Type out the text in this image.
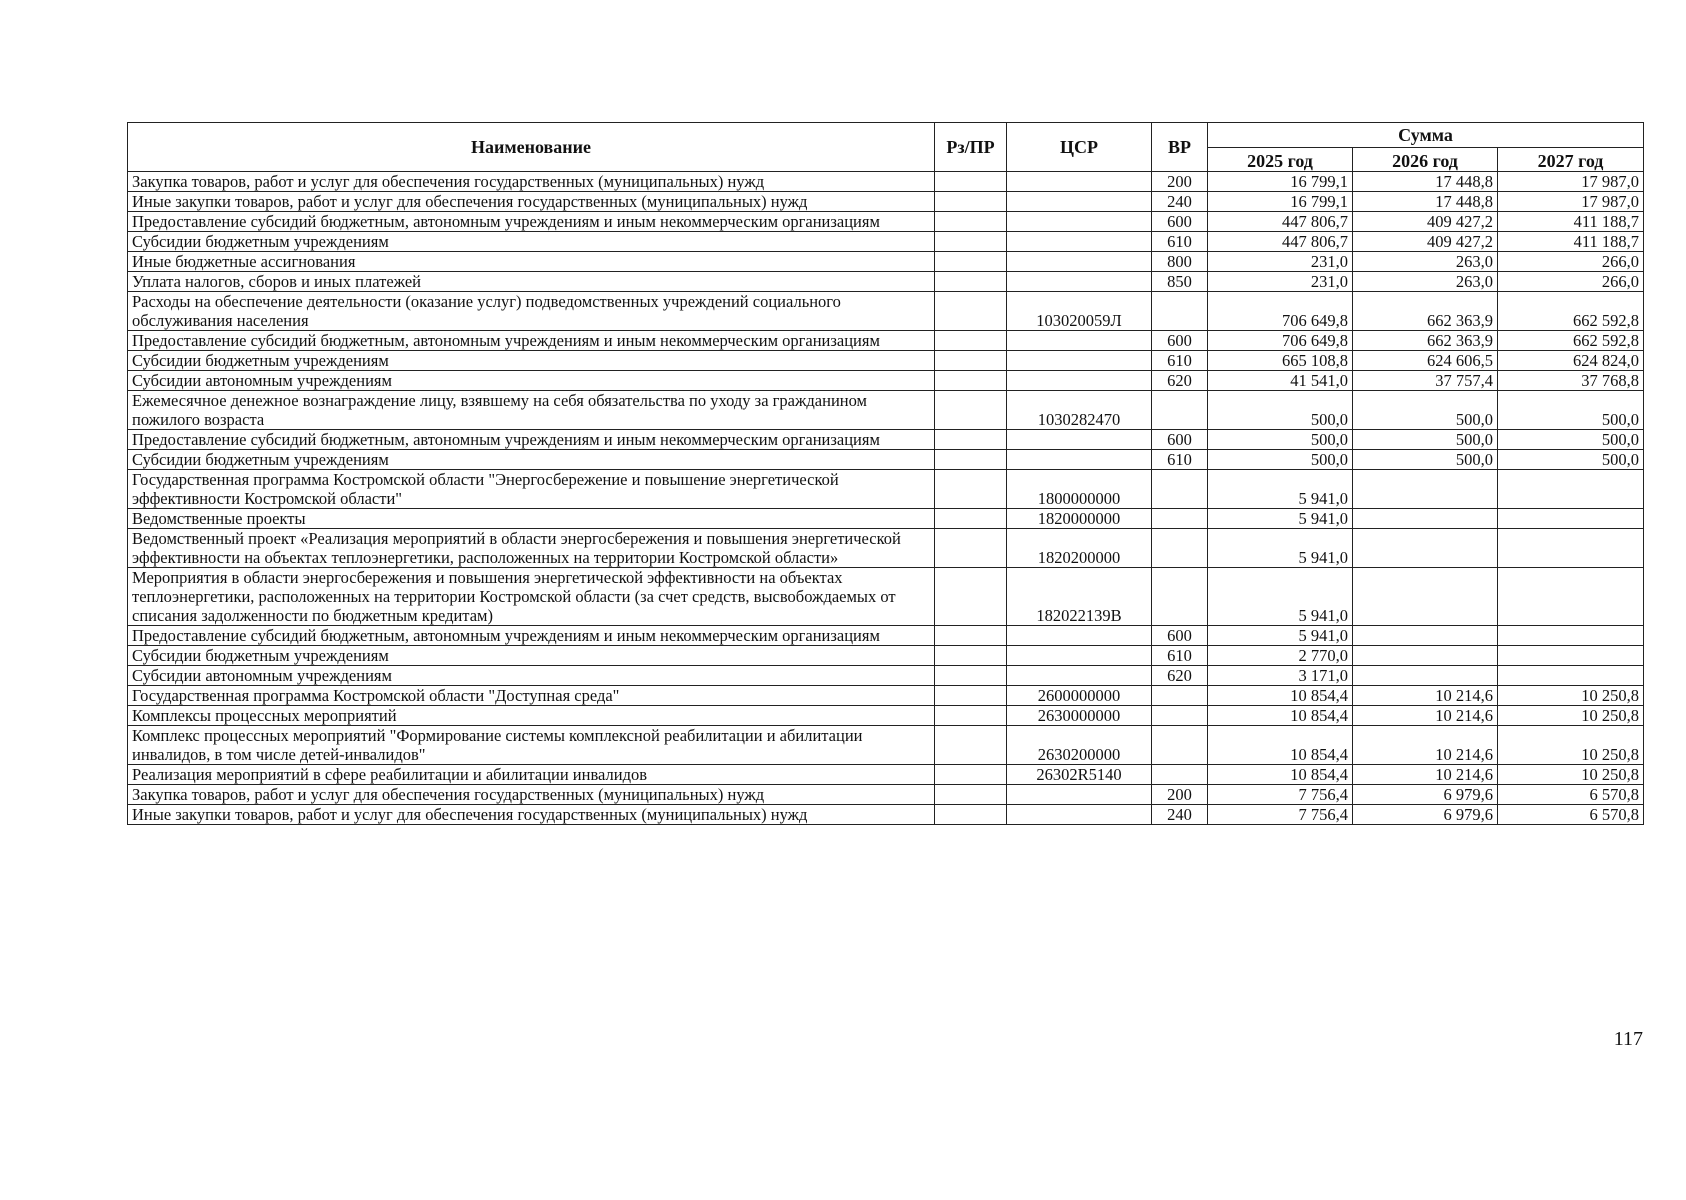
Наименование	Рз/ПР	ЦСР	ВР	Сумма		
				2025 год	2026 год	2027 год
Закупка товаров, работ и услуг для обеспечения государственных (муниципальных) нужд			200	16 799,1	17 448,8	17 987,0
Иные закупки товаров, работ и услуг для обеспечения государственных (муниципальных) нужд			240	16 799,1	17 448,8	17 987,0
Предоставление субсидий бюджетным, автономным учреждениям и иным некоммерческим организациям			600	447 806,7	409 427,2	411 188,7
Субсидии бюджетным учреждениям			610	447 806,7	409 427,2	411 188,7
Иные бюджетные ассигнования			800	231,0	263,0	266,0
Уплата налогов, сборов и иных платежей			850	231,0	263,0	266,0
Расходы на обеспечение деятельности (оказание услуг) подведомственных учреждений социального обслуживания населения		103020059Л		706 649,8	662 363,9	662 592,8
Предоставление субсидий бюджетным, автономным учреждениям и иным некоммерческим организациям			600	706 649,8	662 363,9	662 592,8
Субсидии бюджетным учреждениям			610	665 108,8	624 606,5	624 824,0
Субсидии автономным учреждениям			620	41 541,0	37 757,4	37 768,8
Ежемесячное денежное вознаграждение лицу, взявшему на себя обязательства по уходу за гражданином пожилого возраста		1030282470		500,0	500,0	500,0
Предоставление субсидий бюджетным, автономным учреждениям и иным некоммерческим организациям			600	500,0	500,0	500,0
Субсидии бюджетным учреждениям			610	500,0	500,0	500,0
Государственная программа Костромской области "Энергосбережение и повышение энергетической эффективности Костромской области"		1800000000		5 941,0		
Ведомственные проекты		1820000000		5 941,0		
Ведомственный проект «Реализация мероприятий в области энергосбережения и повышения энергетической эффективности на объектах теплоэнергетики, расположенных на территории Костромской области»		1820200000		5 941,0		
Мероприятия в области энергосбережения и повышения энергетической эффективности на объектах теплоэнергетики, расположенных на территории Костромской области (за счет средств, высвобождаемых от списания задолженности по бюджетным кредитам)		182022139В		5 941,0		
Предоставление субсидий бюджетным, автономным учреждениям и иным некоммерческим организациям			600	5 941,0		
Субсидии бюджетным учреждениям			610	2 770,0		
Субсидии автономным учреждениям			620	3 171,0		
Государственная программа Костромской области "Доступная среда"		2600000000		10 854,4	10 214,6	10 250,8
Комплексы процессных мероприятий		2630000000		10 854,4	10 214,6	10 250,8
Комплекс процессных мероприятий "Формирование системы комплексной реабилитации и абилитации инвалидов, в том числе детей-инвалидов"		2630200000		10 854,4	10 214,6	10 250,8
Реализация мероприятий в сфере реабилитации и абилитации инвалидов		26302R5140		10 854,4	10 214,6	10 250,8
Закупка товаров, работ и услуг для обеспечения государственных (муниципальных) нужд			200	7 756,4	6 979,6	6 570,8
Иные закупки товаров, работ и услуг для обеспечения государственных (муниципальных) нужд			240	7 756,4	6 979,6	6 570,8
117
